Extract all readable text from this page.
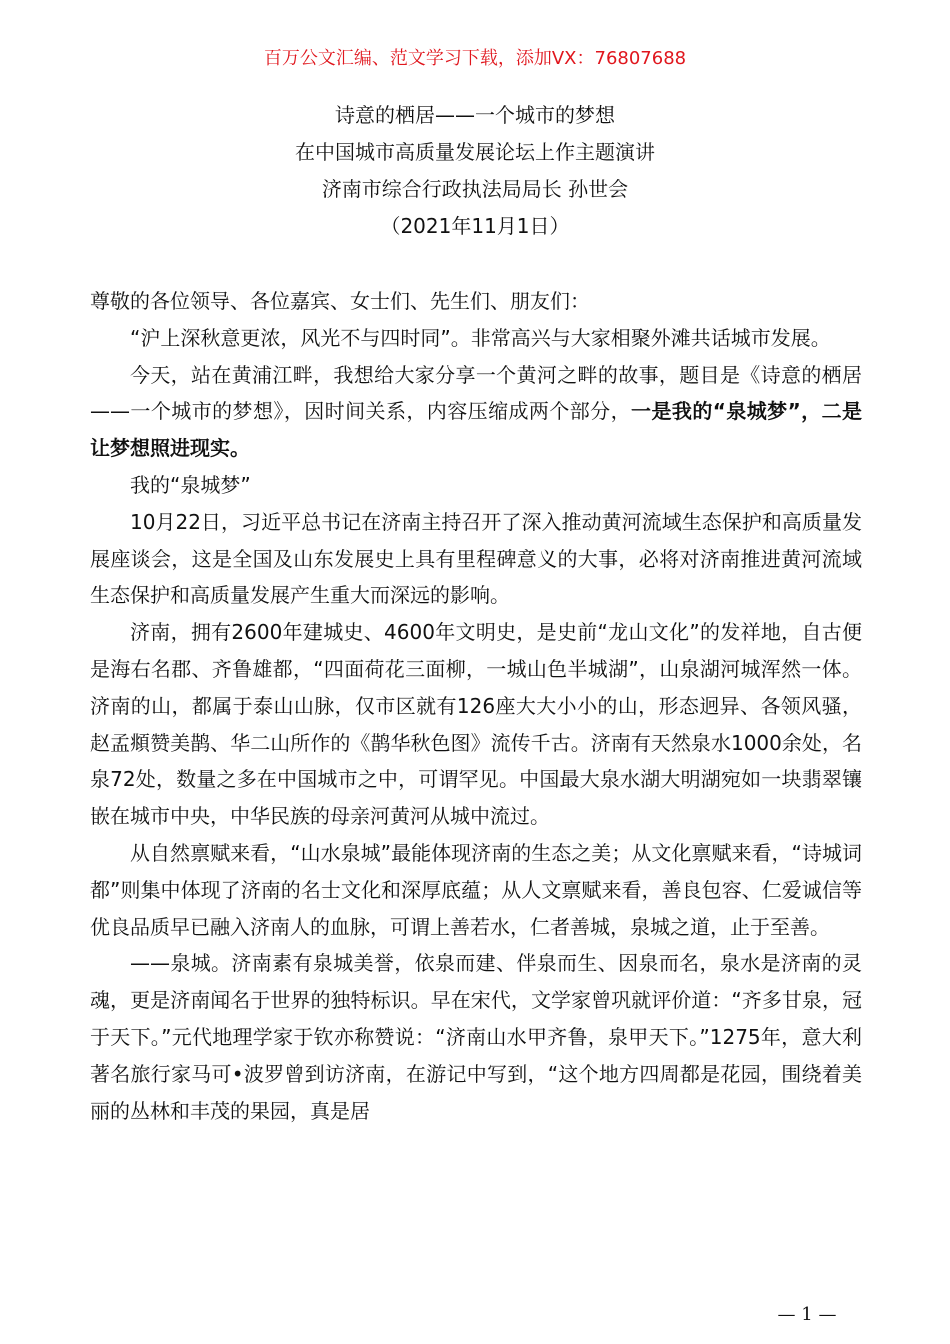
百万公文汇编、范文学习下载，添加VX：76807688
诗意的栖居——一个城市的梦想
在中国城市高质量发展论坛上作主题演讲
济南市综合行政执法局局长 孙世会
（2021年11月1日）

尊敬的各位领导、各位嘉宾、女士们、先生们、朋友们：

“沪上深秋意更浓，风光不与四时同”。非常高兴与大家相聚外滩共话城市发展。

今天，站在黄浦江畔，我想给大家分享一个黄河之畔的故事，题目是《诗意的栖居——一个城市的梦想》，因时间关系，内容压缩成两个部分，一是我的“泉城梦”，二是让梦想照进现实。

我的“泉城梦”

10月22日，习近平总书记在济南主持召开了深入推动黄河流域生态保护和高质量发展座谈会，这是全国及山东发展史上具有里程碑意义的大事，必将对济南推进黄河流域生态保护和高质量发展产生重大而深远的影响。

济南，拥有2600年建城史、4600年文明史，是史前“龙山文化”的发祥地，自古便是海右名郡、齐鲁雄都，“四面荷花三面柳，一城山色半城湖”，山泉湖河城浑然一体。济南的山，都属于泰山山脉，仅市区就有126座大大小小的山，形态迥异、各领风骚，赵孟頫赞美鹊、华二山所作的《鹊华秋色图》流传千古。济南有天然泉水1000余处，名泉72处，数量之多在中国城市之中，可谓罕见。中国最大泉水湖大明湖宛如一块翡翠镶嵌在城市中央，中华民族的母亲河黄河从城中流过。

从自然禀赋来看，“山水泉城”最能体现济南的生态之美；从文化禀赋来看，“诗城词都”则集中体现了济南的名士文化和深厚底蕴；从人文禀赋来看，善良包容、仁爱诚信等优良品质早已融入济南人的血脉，可谓上善若水，仁者善城，泉城之道，止于至善。

——泉城。济南素有泉城美誉，依泉而建、伴泉而生、因泉而名，泉水是济南的灵魂，更是济南闻名于世界的独特标识。早在宋代，文学家曾巩就评价道：“齐多甘泉，冠于天下。”元代地理学家于钦亦称赞说：“济南山水甲齐鲁，泉甲天下。”1275年，意大利著名旅行家马可•波罗曾到访济南，在游记中写到，“这个地方四周都是花园，围绕着美丽的丛林和丰茂的果园，真是居

— 1 —
